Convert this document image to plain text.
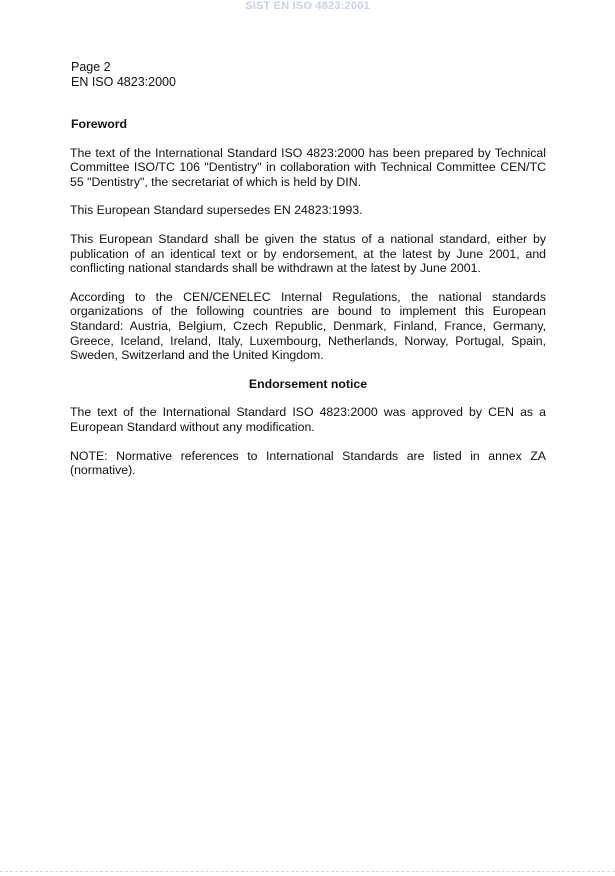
SIST EN ISO 4823:2001
Page 2
EN ISO 4823:2000
Foreword

The text of the International Standard ISO 4823:2000 has been prepared by Technical Committee ISO/TC 106 "Dentistry" in collaboration with Technical Committee CEN/TC 55 "Dentistry", the secretariat of which is held by DIN.

This European Standard supersedes EN 24823:1993.

This European Standard shall be given the status of a national standard, either by publication of an identical text or by endorsement, at the latest by June 2001, and conflicting national standards shall be withdrawn at the latest by June 2001.

According to the CEN/CENELEC Internal Regulations, the national standards organizations of the following countries are bound to implement this European Standard: Austria, Belgium, Czech Republic, Denmark, Finland, France, Germany, Greece, Iceland, Ireland, Italy, Luxembourg, Netherlands, Norway, Portugal, Spain, Sweden, Switzerland and the United Kingdom.

Endorsement notice

The text of the International Standard ISO 4823:2000 was approved by CEN as a European Standard without any modification.

NOTE: Normative references to International Standards are listed in annex ZA (normative).
